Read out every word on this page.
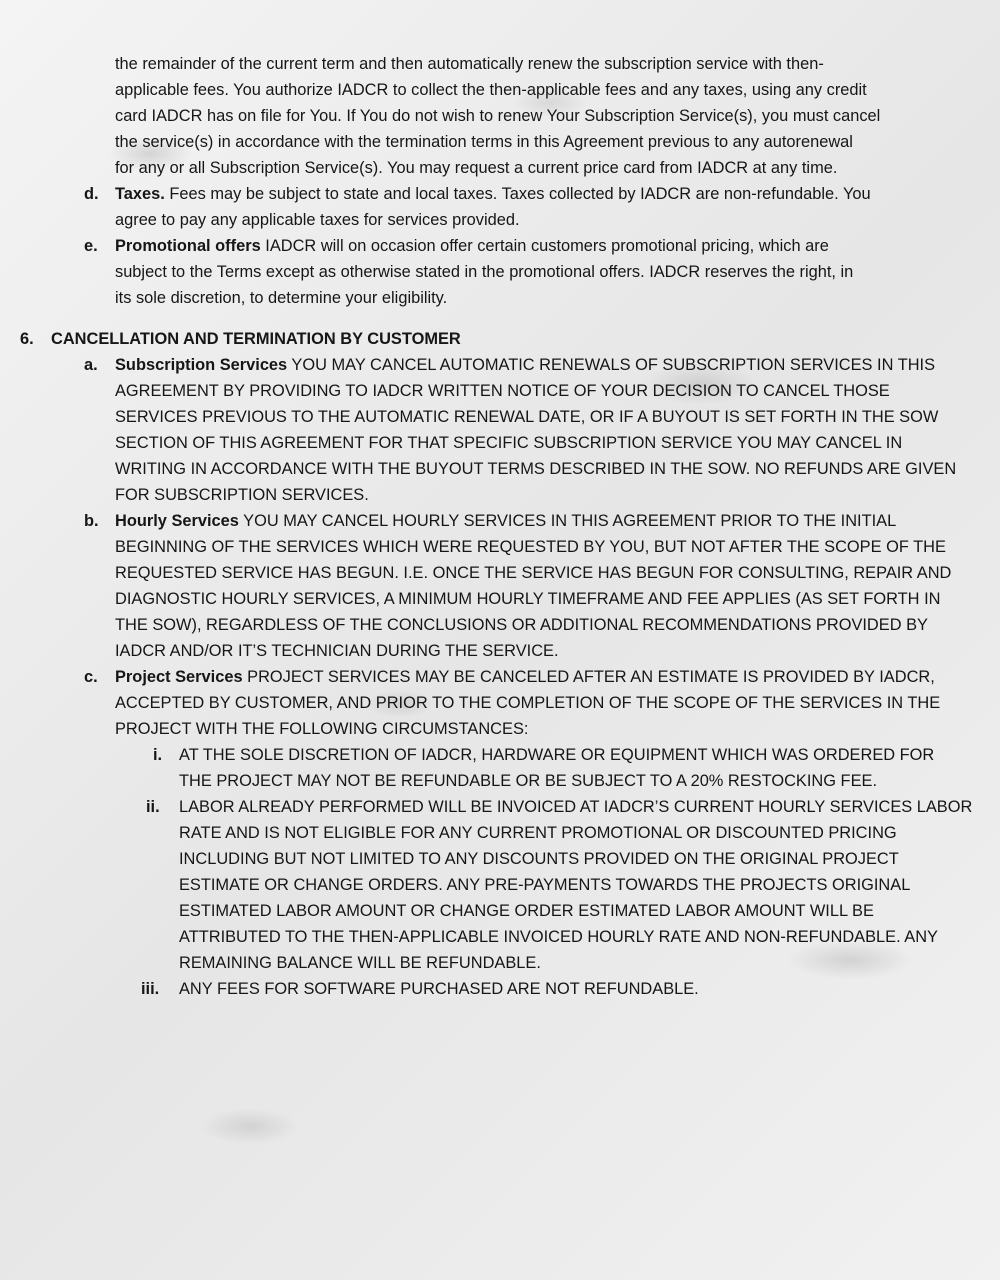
the remainder of the current term and then automatically renew the subscription service with then-
applicable fees. You authorize IADCR to collect the then-applicable fees and any taxes, using any credit
card IADCR has on file for You. If You do not wish to renew Your Subscription Service(s), you must cancel
the service(s) in accordance with the termination terms in this Agreement previous to any autorenewal
for any or all Subscription Service(s). You may request a current price card from IADCR at any time.
d. Taxes. Fees may be subject to state and local taxes. Taxes collected by IADCR are non-refundable. You
agree to pay any applicable taxes for services provided.
e. Promotional offers IADCR will on occasion offer certain customers promotional pricing, which are
subject to the Terms except as otherwise stated in the promotional offers. IADCR reserves the right, in
its sole discretion, to determine your eligibility.
6. CANCELLATION AND TERMINATION BY CUSTOMER
a. Subscription Services YOU MAY CANCEL AUTOMATIC RENEWALS OF SUBSCRIPTION SERVICES IN THIS
AGREEMENT BY PROVIDING TO IADCR WRITTEN NOTICE OF YOUR DECISION TO CANCEL THOSE
SERVICES PREVIOUS TO THE AUTOMATIC RENEWAL DATE, OR IF A BUYOUT IS SET FORTH IN THE SOW
SECTION OF THIS AGREEMENT FOR THAT SPECIFIC SUBSCRIPTION SERVICE YOU MAY CANCEL IN
WRITING IN ACCORDANCE WITH THE BUYOUT TERMS DESCRIBED IN THE SOW. NO REFUNDS ARE GIVEN
FOR SUBSCRIPTION SERVICES.
b. Hourly Services YOU MAY CANCEL HOURLY SERVICES IN THIS AGREEMENT PRIOR TO THE INITIAL
BEGINNING OF THE SERVICES WHICH WERE REQUESTED BY YOU, BUT NOT AFTER THE SCOPE OF THE
REQUESTED SERVICE HAS BEGUN. I.E. ONCE THE SERVICE HAS BEGUN FOR CONSULTING, REPAIR AND
DIAGNOSTIC HOURLY SERVICES, A MINIMUM HOURLY TIMEFRAME AND FEE APPLIES (AS SET FORTH IN
THE SOW), REGARDLESS OF THE CONCLUSIONS OR ADDITIONAL RECOMMENDATIONS PROVIDED BY
IADCR AND/OR IT’S TECHNICIAN DURING THE SERVICE.
c. Project Services PROJECT SERVICES MAY BE CANCELED AFTER AN ESTIMATE IS PROVIDED BY IADCR,
ACCEPTED BY CUSTOMER, AND PRIOR TO THE COMPLETION OF THE SCOPE OF THE SERVICES IN THE
PROJECT WITH THE FOLLOWING CIRCUMSTANCES:
i. AT THE SOLE DISCRETION OF IADCR, HARDWARE OR EQUIPMENT WHICH WAS ORDERED FOR
THE PROJECT MAY NOT BE REFUNDABLE OR BE SUBJECT TO A 20% RESTOCKING FEE.
ii. LABOR ALREADY PERFORMED WILL BE INVOICED AT IADCR’S CURRENT HOURLY SERVICES LABOR
RATE AND IS NOT ELIGIBLE FOR ANY CURRENT PROMOTIONAL OR DISCOUNTED PRICING
INCLUDING BUT NOT LIMITED TO ANY DISCOUNTS PROVIDED ON THE ORIGINAL PROJECT
ESTIMATE OR CHANGE ORDERS. ANY PRE-PAYMENTS TOWARDS THE PROJECTS ORIGINAL
ESTIMATED LABOR AMOUNT OR CHANGE ORDER ESTIMATED LABOR AMOUNT WILL BE
ATTRIBUTED TO THE THEN-APPLICABLE INVOICED HOURLY RATE AND NON-REFUNDABLE. ANY
REMAINING BALANCE WILL BE REFUNDABLE.
iii. ANY FEES FOR SOFTWARE PURCHASED ARE NOT REFUNDABLE.
